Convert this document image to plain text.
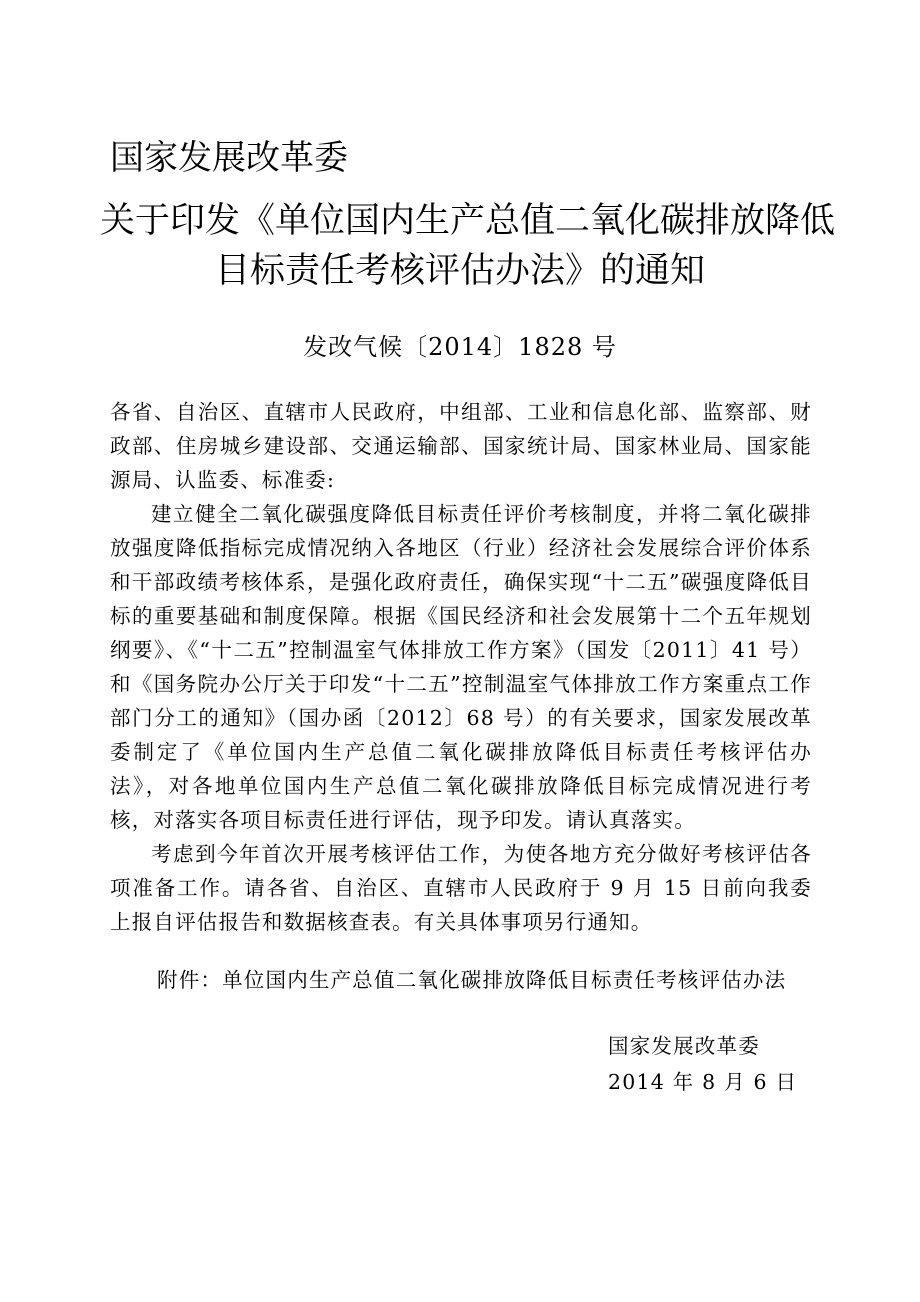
国家发展改革委
关于印发《单位国内生产总值二氧化碳排放降低
目标责任考核评估办法》的通知
发改气候〔2014〕1828 号

各省、自治区、直辖市人民政府，中组部、工业和信息化部、监察部、财政部、住房城乡建设部、交通运输部、国家统计局、国家林业局、国家能源局、认监委、标准委:

建立健全二氧化碳强度降低目标责任评价考核制度，并将二氧化碳排放强度降低指标完成情况纳入各地区（行业）经济社会发展综合评价体系和干部政绩考核体系，是强化政府责任，确保实现“十二五”碳强度降低目标的重要基础和制度保障。根据《国民经济和社会发展第十二个五年规划纲要》、《“十二五”控制温室气体排放工作方案》（国发〔2011〕41 号）和《国务院办公厅关于印发“十二五”控制温室气体排放工作方案重点工作部门分工的通知》（国办函〔2012〕68 号）的有关要求，国家发展改革委制定了《单位国内生产总值二氧化碳排放降低目标责任考核评估办法》，对各地单位国内生产总值二氧化碳排放降低目标完成情况进行考核，对落实各项目标责任进行评估，现予印发。请认真落实。

考虑到今年首次开展考核评估工作，为使各地方充分做好考核评估各项准备工作。请各省、自治区、直辖市人民政府于 9 月 15 日前向我委上报自评估报告和数据核查表。有关具体事项另行通知。

附件：单位国内生产总值二氧化碳排放降低目标责任考核评估办法
国家发展改革委
2014 年 8 月 6 日
